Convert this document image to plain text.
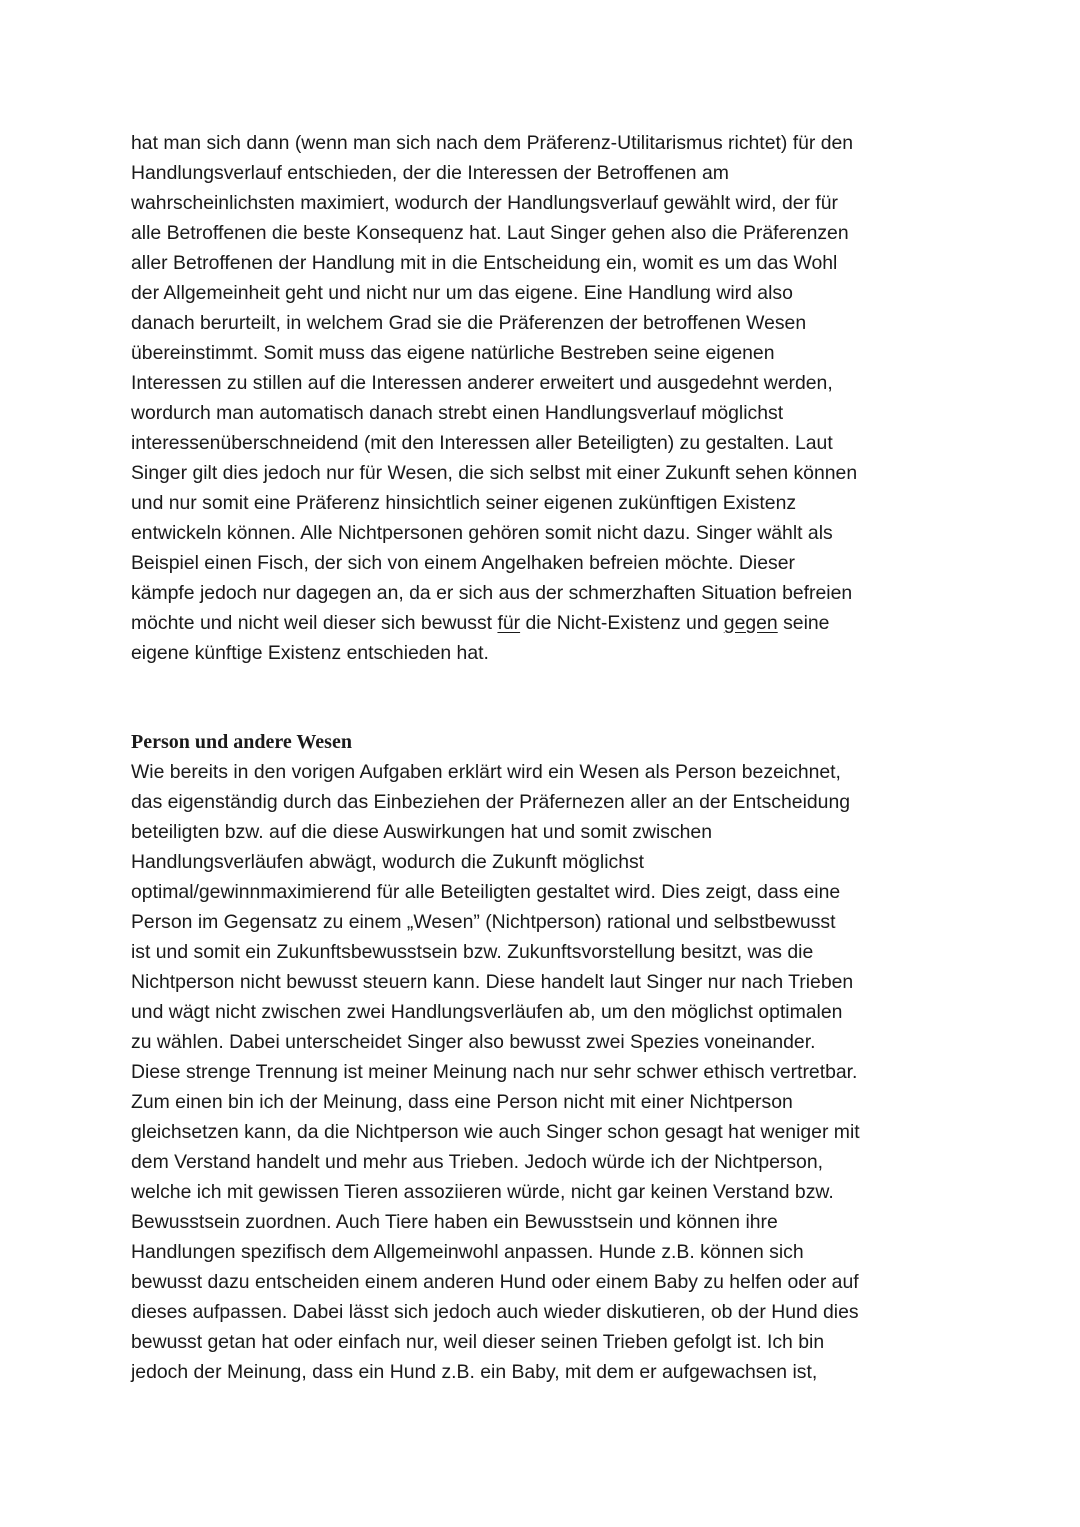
hat man sich dann (wenn man sich nach dem Präferenz-Utilitarismus richtet) für den
Handlungsverlauf entschieden, der die Interessen der Betroffenen am
wahrscheinlichsten maximiert, wodurch der Handlungsverlauf gewählt wird, der für
alle Betroffenen die beste Konsequenz hat. Laut Singer gehen also die Präferenzen
aller Betroffenen der Handlung mit in die Entscheidung ein, womit es um das Wohl
der Allgemeinheit geht und nicht nur um das eigene. Eine Handlung wird also
danach berurteilt, in welchem Grad sie die Präferenzen der betroffenen Wesen
übereinstimmt. Somit muss das eigene natürliche Bestreben seine eigenen
Interessen zu stillen auf die Interessen anderer erweitert und ausgedehnt werden,
wordurch man automatisch danach strebt einen Handlungsverlauf möglichst
interessenüberschneidend (mit den Interessen aller Beteiligten) zu gestalten. Laut
Singer gilt dies jedoch nur für Wesen, die sich selbst mit einer Zukunft sehen können
und nur somit eine Präferenz hinsichtlich seiner eigenen zukünftigen Existenz
entwickeln können. Alle Nichtpersonen gehören somit nicht dazu. Singer wählt als
Beispiel einen Fisch, der sich von einem Angelhaken befreien möchte. Dieser
kämpfe jedoch nur dagegen an, da er sich aus der schmerzhaften Situation befreien
möchte und nicht weil dieser sich bewusst für die Nicht-Existenz und gegen seine
eigene künftige Existenz entschieden hat.
Person und andere Wesen
Wie bereits in den vorigen Aufgaben erklärt wird ein Wesen als Person bezeichnet,
das eigenständig durch das Einbeziehen der Präfernezen aller an der Entscheidung
beteiligten bzw. auf die diese Auswirkungen hat und somit zwischen
Handlungsverläufen abwägt, wodurch die Zukunft möglichst
optimal/gewinnmaximierend für alle Beteiligten gestaltet wird. Dies zeigt, dass eine
Person im Gegensatz zu einem „Wesen” (Nichtperson) rational und selbstbewusst
ist und somit ein Zukunftsbewusstsein bzw. Zukunftsvorstellung besitzt, was die
Nichtperson nicht bewusst steuern kann. Diese handelt laut Singer nur nach Trieben
und wägt nicht zwischen zwei Handlungsverläufen ab, um den möglichst optimalen
zu wählen. Dabei unterscheidet Singer also bewusst zwei Spezies voneinander.
Diese strenge Trennung ist meiner Meinung nach nur sehr schwer ethisch vertretbar.
Zum einen bin ich der Meinung, dass eine Person nicht mit einer Nichtperson
gleichsetzen kann, da die Nichtperson wie auch Singer schon gesagt hat weniger mit
dem Verstand handelt und mehr aus Trieben. Jedoch würde ich der Nichtperson,
welche ich mit gewissen Tieren assoziieren würde, nicht gar keinen Verstand bzw.
Bewusstsein zuordnen. Auch Tiere haben ein Bewusstsein und können ihre
Handlungen spezifisch dem Allgemeinwohl anpassen. Hunde z.B. können sich
bewusst dazu entscheiden einem anderen Hund oder einem Baby zu helfen oder auf
dieses aufpassen. Dabei lässt sich jedoch auch wieder diskutieren, ob der Hund dies
bewusst getan hat oder einfach nur, weil dieser seinen Trieben gefolgt ist. Ich bin
jedoch der Meinung, dass ein Hund z.B. ein Baby, mit dem er aufgewachsen ist,
